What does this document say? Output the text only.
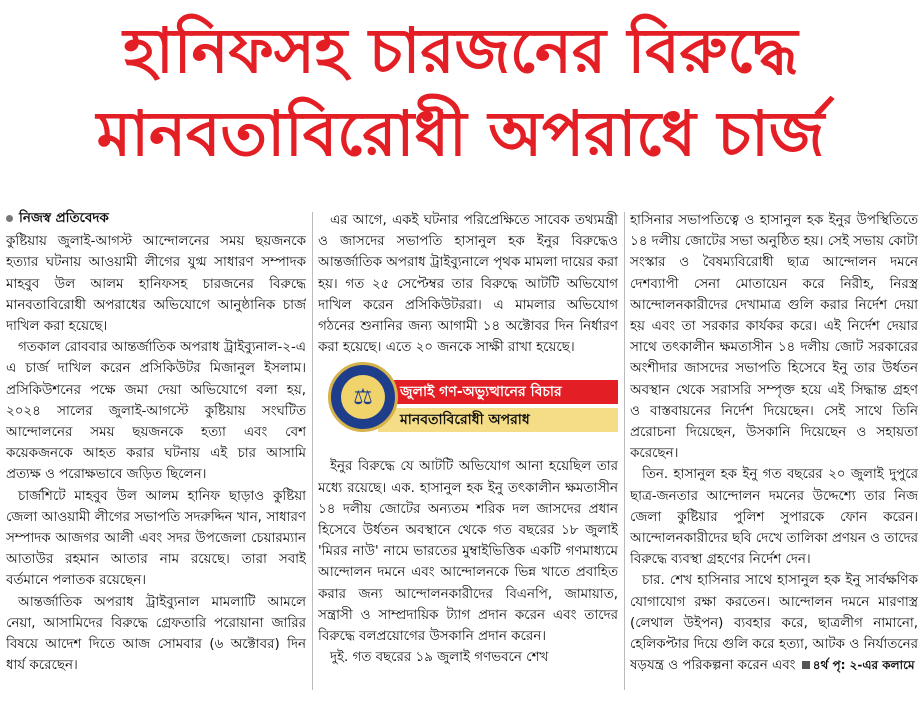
হানিফসহ চারজনের বিরুদ্ধে
মানবতাবিরোধী অপরাধে চার্জ
নিজস্ব প্রতিবেদক

কুষ্টিয়ায় জুলাই-আগস্ট আন্দোলনের সময় ছয়জনকে হত্যার ঘটনায় আওয়ামী লীগের যুগ্ম সাধারণ সম্পাদক মাহবুব উল আলম হানিফসহ চারজনের বিরুদ্ধে মানবতাবিরোধী অপরাধের অভিযোগে আনুষ্ঠানিক চার্জ দাখিল করা হয়েছে।

গতকাল রোববার আন্তর্জাতিক অপরাধ ট্রাইব্যুনাল-২-এ এ চার্জ দাখিল করেন প্রসিকিউটর মিজানুল ইসলাম। প্রসিকিউশনের পক্ষে জমা দেয়া অভিযোগে বলা হয়, ২০২৪ সালের জুলাই-আগস্টে কুষ্টিয়ায় সংঘটিত আন্দোলনের সময় ছয়জনকে হত্যা এবং বেশ কয়েকজনকে আহত করার ঘটনায় এই চার আসামি প্রত্যক্ষ ও পরোক্ষভাবে জড়িত ছিলেন।

চার্জশিটে মাহবুব উল আলম হানিফ ছাড়াও কুষ্টিয়া জেলা আওয়ামী লীগের সভাপতি সদরুদ্দিন খান, সাধারণ সম্পাদক আজগর আলী এবং সদর উপজেলা চেয়ারম্যান আতাউর রহমান আতার নাম রয়েছে। তারা সবাই বর্তমানে পলাতক রয়েছেন।

আন্তর্জাতিক অপরাধ ট্রাইব্যুনাল মামলাটি আমলে নেয়া, আসামিদের বিরুদ্ধে গ্রেফতারি পরোয়ানা জারির বিষয়ে আদেশ দিতে আজ সোমবার (৬ অক্টোবর) দিন ধার্য করেছেন।

এর আগে, একই ঘটনার পরিপ্রেক্ষিতে সাবেক তথ্যমন্ত্রী ও জাসদের সভাপতি হাসানুল হক ইনুর বিরুদ্ধেও আন্তর্জাতিক অপরাধ ট্রাইব্যুনালে পৃথক মামলা দায়ের করা হয়। গত ২৫ সেপ্টেম্বর তার বিরুদ্ধে আটটি অভিযোগ দাখিল করেন প্রসিকিউটররা। এ মামলার অভিযোগ গঠনের শুনানির জন্য আগামী ১৪ অক্টোবর দিন নির্ধারণ করা হয়েছে। এতে ২০ জনকে সাক্ষী রাখা হয়েছে।

জুলাই গণ-অভ্যুত্থানের বিচার
মানবতাবিরোধী অপরাধ
⚖

ইনুর বিরুদ্ধে যে আটটি অভিযোগ আনা হয়েছিল তার মধ্যে রয়েছে। এক. হাসানুল হক ইনু তৎকালীন ক্ষমতাসীন ১৪ দলীয় জোটের অন্যতম শরিক দল জাসদের প্রধান হিসেবে উর্ধতন অবস্থানে থেকে গত বছরের ১৮ জুলাই 'মিরর নাউ' নামে ভারতের মুম্বাইভিত্তিক একটি গণমাধ্যমে আন্দোলন দমনে এবং আন্দোলনকে ভিন্ন খাতে প্রবাহিত করার জন্য আন্দোলনকারীদের বিএনপি, জামায়াত, সন্ত্রাসী ও সাম্প্রদায়িক ট্যাগ প্রদান করেন এবং তাদের বিরুদ্ধে বলপ্রয়োগের উসকানি প্রদান করেন।

দুই. গত বছরের ১৯ জুলাই গণভবনে শেখ

হাসিনার সভাপতিত্বে ও হাসানুল হক ইনুর উপস্থিতিতে ১৪ দলীয় জোটের সভা অনুষ্ঠিত হয়। সেই সভায় কোটা সংস্কার ও বৈষম্যবিরোধী ছাত্র আন্দোলন দমনে দেশব্যাপী সেনা মোতায়েন করে নিরীহ, নিরস্ত্র আন্দোলনকারীদের দেখামাত্র গুলি করার নির্দেশ দেয়া হয় এবং তা সরকার কার্যকর করে। এই নির্দেশ দেয়ার সাথে তৎকালীন ক্ষমতাসীন ১৪ দলীয় জোট সরকারের অংশীদার জাসদের সভাপতি হিসেবে ইনু তার উর্ধতন অবস্থান থেকে সরাসরি সম্পৃক্ত হয়ে এই সিদ্ধান্ত গ্রহণ ও বাস্তবায়নের নির্দেশ দিয়েছেন। সেই সাথে তিনি প্ররোচনা দিয়েছেন, উসকানি দিয়েছেন ও সহায়তা করেছেন।

তিন. হাসানুল হক ইনু গত বছরের ২০ জুলাই দুপুরে ছাত্র-জনতার আন্দোলন দমনের উদ্দেশ্যে তার নিজ জেলা কুষ্টিয়ার পুলিশ সুপারকে ফোন করেন। আন্দোলনকারীদের ছবি দেখে তালিকা প্রণয়ন ও তাদের বিরুদ্ধে ব্যবস্থা গ্রহণের নির্দেশ দেন।

চার. শেখ হাসিনার সাথে হাসানুল হক ইনু সার্বক্ষণিক যোগাযোগ রক্ষা করতেন। আন্দোলন দমনে মারণাস্ত্র (লেথাল উইপন) ব্যবহার করে, ছাত্রলীগ নামানো, হেলিকপ্টার দিয়ে গুলি করে হত্যা, আটক ও নির্যাতনের ষড়যন্ত্র ও পরিকল্পনা করেন এবং ৪র্থ পৃ: ২-এর কলামে
